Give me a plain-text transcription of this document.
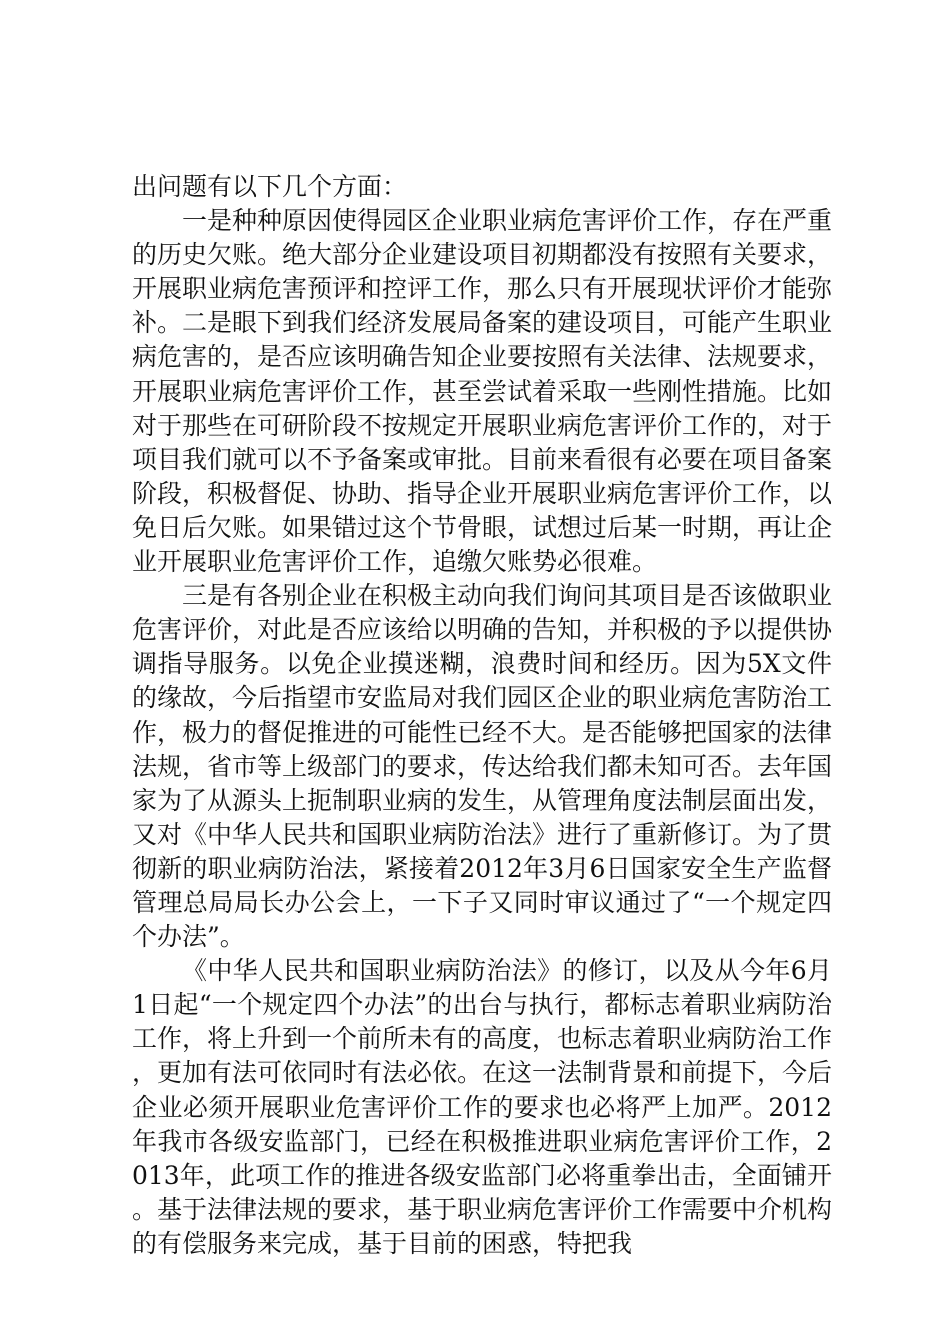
出问题有以下几个方面：

一是种种原因使得园区企业职业病危害评价工作，存在严重的历史欠账。绝大部分企业建设项目初期都没有按照有关要求，开展职业病危害预评和控评工作，那么只有开展现状评价才能弥补。二是眼下到我们经济发展局备案的建设项目，可能产生职业病危害的，是否应该明确告知企业要按照有关法律、法规要求，开展职业病危害评价工作，甚至尝试着采取一些刚性措施。比如对于那些在可研阶段不按规定开展职业病危害评价工作的，对于项目我们就可以不予备案或审批。目前来看很有必要在项目备案阶段，积极督促、协助、指导企业开展职业病危害评价工作，以免日后欠账。如果错过这个节骨眼，试想过后某一时期，再让企业开展职业危害评价工作，追缴欠账势必很难。

三是有各别企业在积极主动向我们询问其项目是否该做职业危害评价，对此是否应该给以明确的告知，并积极的予以提供协调指导服务。以免企业摸迷糊，浪费时间和经历。因为5X文件的缘故，今后指望市安监局对我们园区企业的职业病危害防治工作，极力的督促推进的可能性已经不大。是否能够把国家的法律法规，省市等上级部门的要求，传达给我们都未知可否。去年国家为了从源头上扼制职业病的发生，从管理角度法制层面出发，又对《中华人民共和国职业病防治法》进行了重新修订。为了贯彻新的职业病防治法，紧接着2012年3月6日国家安全生产监督管理总局局长办公会上，一下子又同时审议通过了“一个规定四个办法”。

《中华人民共和国职业病防治法》的修订，以及从今年6月1日起“一个规定四个办法”的出台与执行，都标志着职业病防治工作，将上升到一个前所未有的高度，也标志着职业病防治工作，更加有法可依同时有法必依。在这一法制背景和前提下，今后企业必须开展职业危害评价工作的要求也必将严上加严。2012年我市各级安监部门，已经在积极推进职业病危害评价工作，2013年，此项工作的推进各级安监部门必将重拳出击，全面铺开。基于法律法规的要求，基于职业病危害评价工作需要中介机构的有偿服务来完成，基于目前的困惑，特把我
